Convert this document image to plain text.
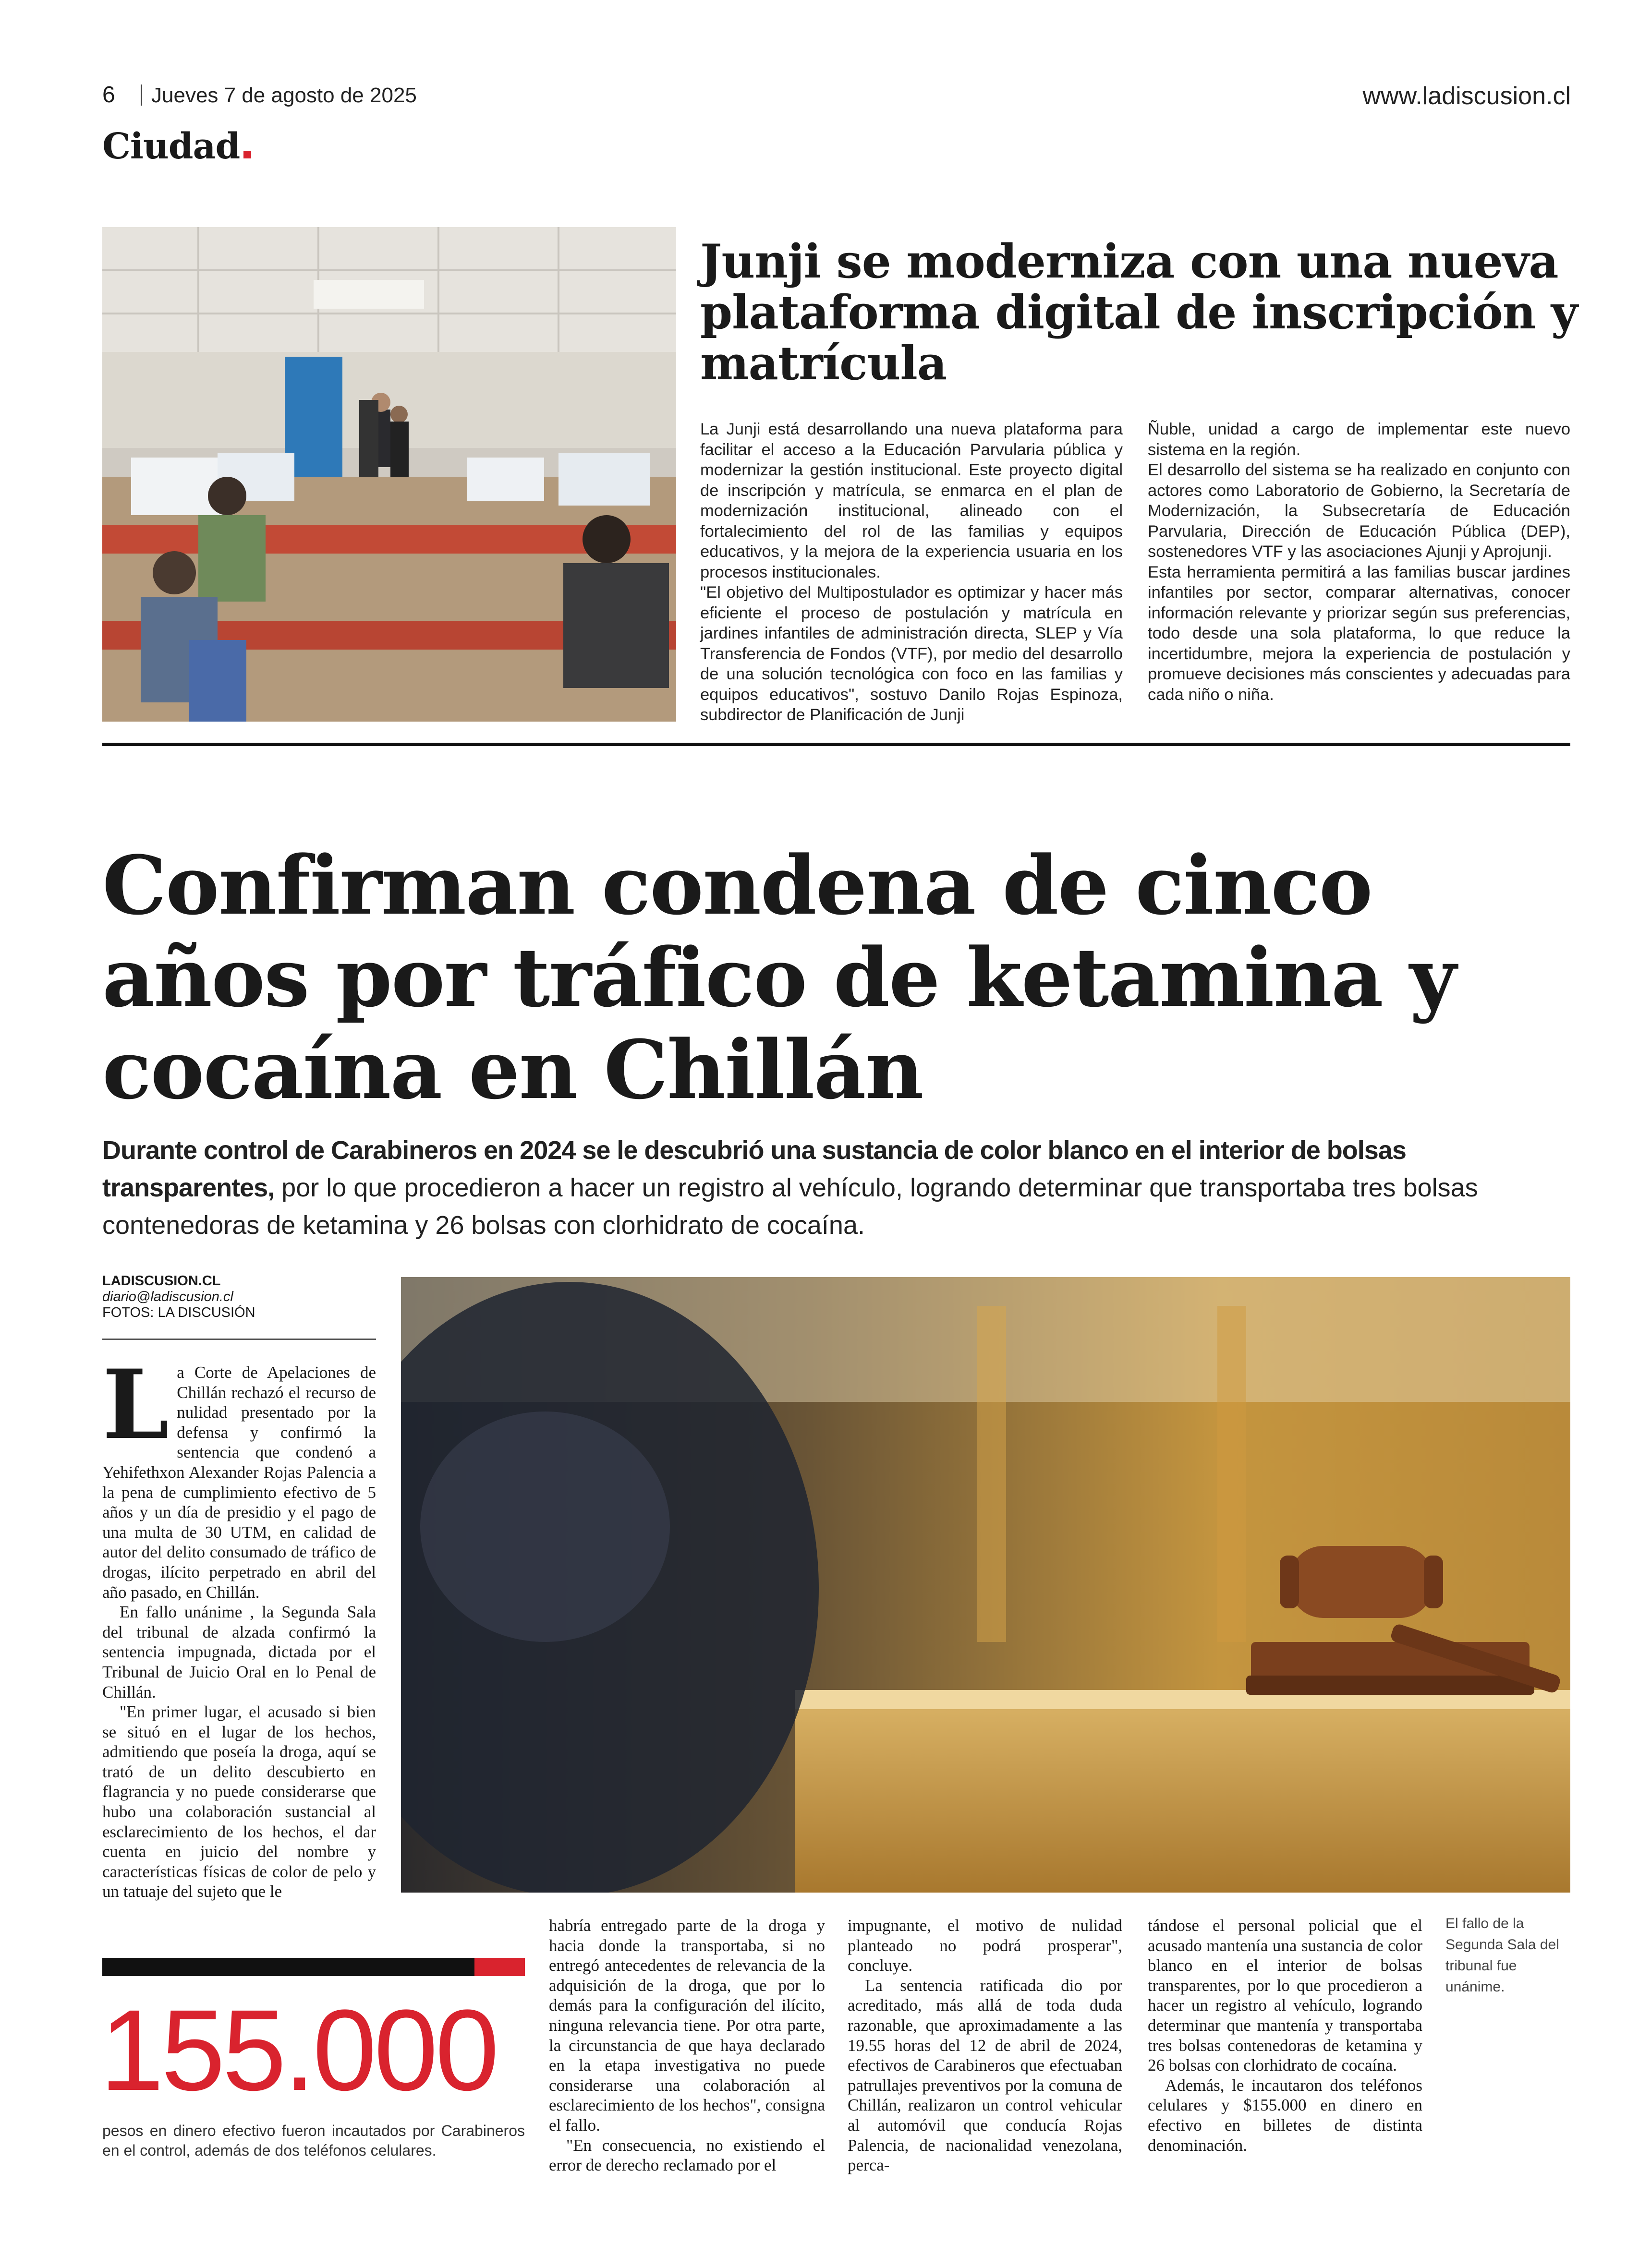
6 Jueves 7 de agosto de 2025	www.ladiscusion.cl
Ciudad
Junji se moderniza con una nueva plataforma digital de inscripción y matrícula

La Junji está desarrollando una nueva plataforma para facilitar el acceso a la Educación Parvularia pública y modernizar la gestión institucional. Este proyecto digital de inscripción y matrícula, se enmarca en el plan de modernización institucional, alineado con el fortalecimiento del rol de las familias y equipos educativos, y la mejora de la experiencia usuaria en los procesos institucionales.

"El objetivo del Multipostulador es optimizar y hacer más eficiente el proceso de postulación y matrícula en jardines infantiles de administración directa, SLEP y Vía Transferencia de Fondos (VTF), por medio del desarrollo de una solución tecnológica con foco en las familias y equipos educativos", sostuvo Danilo Rojas Espinoza, subdirector de Planificación de Junji

Ñuble, unidad a cargo de implementar este nuevo sistema en la región.

El desarrollo del sistema se ha realizado en conjunto con actores como Laboratorio de Gobierno, la Secretaría de Modernización, la Subsecretaría de Educación Parvularia, Dirección de Educación Pública (DEP), sostenedores VTF y las asociaciones Ajunji y Aprojunji.

Esta herramienta permitirá a las familias buscar jardines infantiles por sector, comparar alternativas, conocer información relevante y priorizar según sus preferencias, todo desde una sola plataforma, lo que reduce la incertidumbre, mejora la experiencia de postulación y promueve decisiones más conscientes y adecuadas para cada niño o niña.

Confirman condena de cinco años por tráfico de ketamina y cocaína en Chillán
Durante control de Carabineros en 2024 se le descubrió una sustancia de color blanco en el interior de bolsas transparentes, por lo que procedieron a hacer un registro al vehículo, logrando determinar que transportaba tres bolsas contenedoras de ketamina y 26 bolsas con clorhidrato de cocaína.
LADISCUSION.CL
diario@ladiscusion.cl
FOTOS: LA DISCUSIÓN
L a Corte de Apelaciones de Chillán rechazó el recurso de nulidad presentado por la defensa y confirmó la sentencia que condenó a Yehifethxon Alexander Rojas Palencia a la pena de cumplimiento efectivo de 5 años y un día de presidio y el pago de una multa de 30 UTM, en calidad de autor del delito consumado de tráfico de drogas, ilícito perpetrado en abril del año pasado, en Chillán.

En fallo unánime , la Segunda Sala del tribunal de alzada confirmó la sentencia impugnada, dictada por el Tribunal de Juicio Oral en lo Penal de Chillán.

"En primer lugar, el acusado si bien se situó en el lugar de los hechos, admitiendo que poseía la droga, aquí se trató de un delito descubierto en flagrancia y no puede considerarse que hubo una colaboración sustancial al esclarecimiento de los hechos, el dar cuenta en juicio del nombre y características físicas de color de pelo y un tatuaje del sujeto que le

El fallo de la Segunda Sala del tribunal fue unánime.

habría entregado parte de la droga y hacia donde la transportaba, si no entregó antecedentes de relevancia de la adquisición de la droga, que por lo demás para la configuración del ilícito, ninguna relevancia tiene. Por otra parte, la circunstancia de que haya declarado en la etapa investigativa no puede considerarse una colaboración al esclarecimiento de los hechos", consigna el fallo.

"En consecuencia, no existiendo el error de derecho reclamado por el

impugnante, el motivo de nulidad planteado no podrá prosperar", concluye.

La sentencia ratificada dio por acreditado, más allá de toda duda razonable, que aproximadamente a las 19.55 horas del 12 de abril de 2024, efectivos de Carabineros que efectuaban patrullajes preventivos por la comuna de Chillán, realizaron un control vehicular al automóvil que conducía Rojas Palencia, de nacionalidad venezolana, perca-

tándose el personal policial que el acusado mantenía una sustancia de color blanco en el interior de bolsas transparentes, por lo que procedieron a hacer un registro al vehículo, logrando determinar que mantenía y transportaba tres bolsas contenedoras de ketamina y 26 bolsas con clorhidrato de cocaína.

Además, le incautaron dos teléfonos celulares y $155.000 en dinero en efectivo en billetes de distinta denominación.

155.000
pesos en dinero efectivo fueron incautados por Carabineros en el control, además de dos teléfonos celulares.
